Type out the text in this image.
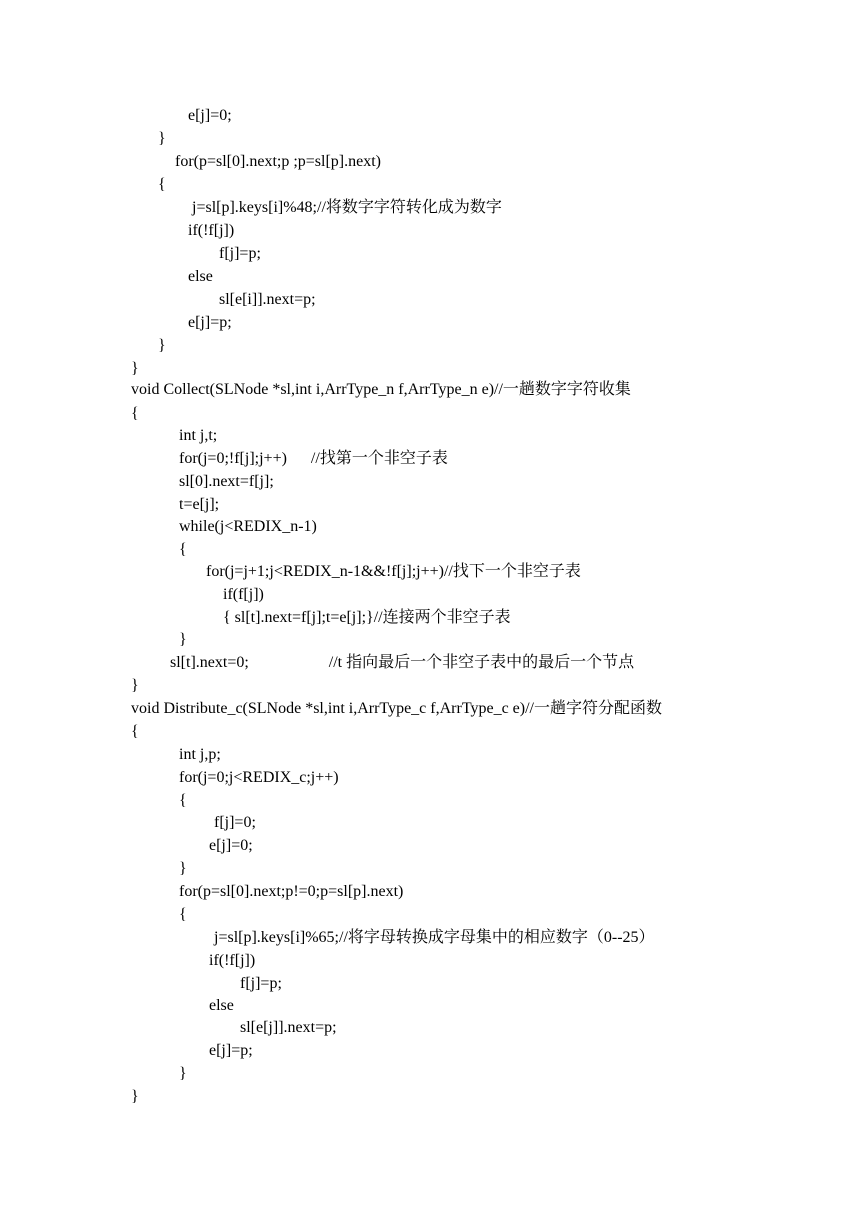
e[j]=0;
}
for(p=sl[0].next;p ;p=sl[p].next)
{
j=sl[p].keys[i]%48;//将数字字符转化成为数字
if(!f[j])
f[j]=p;
else
sl[e[i]].next=p;
e[j]=p;
}
}
void Collect(SLNode *sl,int i,ArrType_n f,ArrType_n e)//一趟数字字符收集
{
int j,t;
for(j=0;!f[j];j++)      //找第一个非空子表
sl[0].next=f[j];
t=e[j];
while(j<REDIX_n-1)
{
for(j=j+1;j<REDIX_n-1&&!f[j];j++)//找下一个非空子表
if(f[j])
{ sl[t].next=f[j];t=e[j];}//连接两个非空子表
}
sl[t].next=0;                    //t 指向最后一个非空子表中的最后一个节点
}
void Distribute_c(SLNode *sl,int i,ArrType_c f,ArrType_c e)//一趟字符分配函数
{
int j,p;
for(j=0;j<REDIX_c;j++)
{
f[j]=0;
e[j]=0;
}
for(p=sl[0].next;p!=0;p=sl[p].next)
{
j=sl[p].keys[i]%65;//将字母转换成字母集中的相应数字（0--25）
if(!f[j])
f[j]=p;
else
sl[e[j]].next=p;
e[j]=p;
}
}
